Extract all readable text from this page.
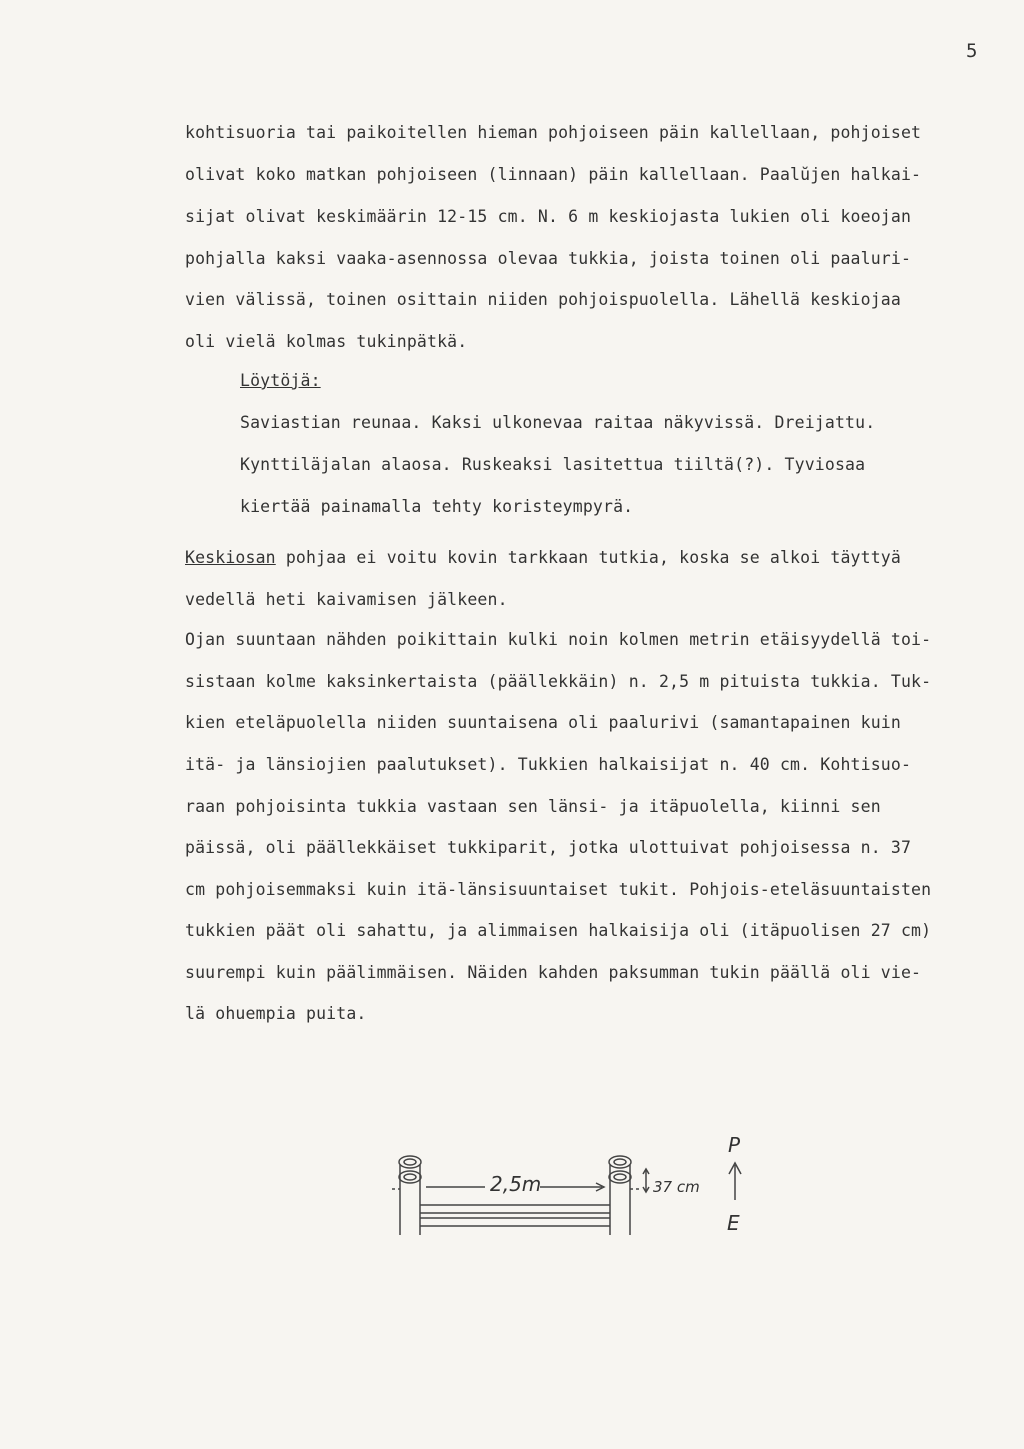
5
kohtisuoria tai paikoitellen hieman pohjoiseen päin kallellaan, pohjoiset
olivat koko matkan pohjoiseen (linnaan) päin kallellaan. Paalŭjen halkai-
sijat olivat keskimäärin 12-15 cm. N. 6 m keskiojasta lukien oli koeojan
pohjalla kaksi vaaka-asennossa olevaa tukkia, joista toinen oli paaluri-
vien välissä, toinen osittain niiden pohjoispuolella. Lähellä keskiojaa
oli vielä kolmas tukinpätkä.
Löytöjä:
Saviastian reunaa. Kaksi ulkonevaa raitaa näkyvissä. Dreijattu.
Kynttiläjalan alaosa. Ruskeaksi lasitettua tiiltä(?). Tyviosaa
kiertää painamalla tehty koristeympyrä.
Keskiosan pohjaa ei voitu kovin tarkkaan tutkia, koska se alkoi täyttyä
vedellä heti kaivamisen jälkeen.
Ojan suuntaan nähden poikittain kulki noin kolmen metrin etäisyydellä toi-
sistaan kolme kaksinkertaista (päällekkäin) n. 2,5 m pituista tukkia. Tuk-
kien eteläpuolella niiden suuntaisena oli paalurivi (samantapainen kuin
itä- ja länsiojien paalutukset). Tukkien halkaisijat n. 40 cm. Kohtisuo-
raan pohjoisinta tukkia vastaan sen länsi- ja itäpuolella, kiinni sen
päissä, oli päällekkäiset tukkiparit, jotka ulottuivat pohjoisessa n. 37
cm pohjoisemmaksi kuin itä-länsisuuntaiset tukit. Pohjois-eteläsuuntaisten
tukkien päät oli sahattu, ja alimmaisen halkaisija oli (itäpuolisen 27 cm)
suurempi kuin päälimmäisen. Näiden kahden paksumman tukin päällä oli vie-
lä ohuempia puita.
2,5m	37 cm
P
E
